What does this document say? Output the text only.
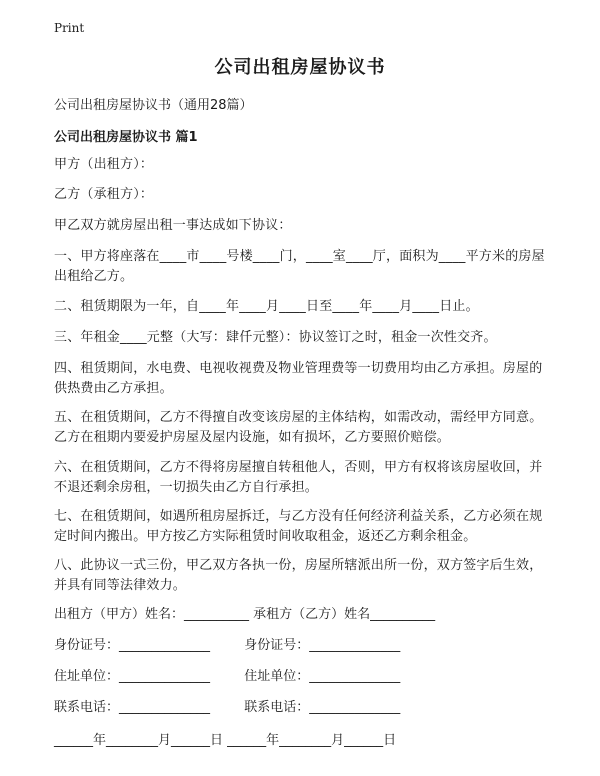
Print
公司出租房屋协议书
公司出租房屋协议书（通用28篇）
公司出租房屋协议书 篇1
甲方（出租方）：
乙方（承租方）：
甲乙双方就房屋出租一事达成如下协议：
一、甲方将座落在____市____号楼____门，____室____厅，面积为____平方米的房屋出租给乙方。
二、租赁期限为一年，自____年____月____日至____年____月____日止。
三、年租金____元整（大写：肆仟元整）：协议签订之时，租金一次性交齐。
四、租赁期间，水电费、电视收视费及物业管理费等一切费用均由乙方承担。房屋的供热费由乙方承担。
五、在租赁期间，乙方不得擅自改变该房屋的主体结构，如需改动，需经甲方同意。乙方在租期内要爱护房屋及屋内设施，如有损坏，乙方要照价赔偿。
六、在租赁期间，乙方不得将房屋擅自转租他人，否则，甲方有权将该房屋收回，并不退还剩余房租，一切损失由乙方自行承担。
七、在租赁期间，如遇所租房屋拆迁，与乙方没有任何经济利益关系，乙方必须在规定时间内搬出。甲方按乙方实际租赁时间收取租金，返还乙方剩余租金。
八、此协议一式三份，甲乙双方各执一份，房屋所辖派出所一份，双方签字后生效，并具有同等法律效力。
出租方（甲方）姓名：__________ 承租方（乙方）姓名__________
身份证号：______________	身份证号：______________
住址单位：______________	住址单位：______________
联系电话：______________	联系电话：______________
______年________月______日 ______年________月______日
